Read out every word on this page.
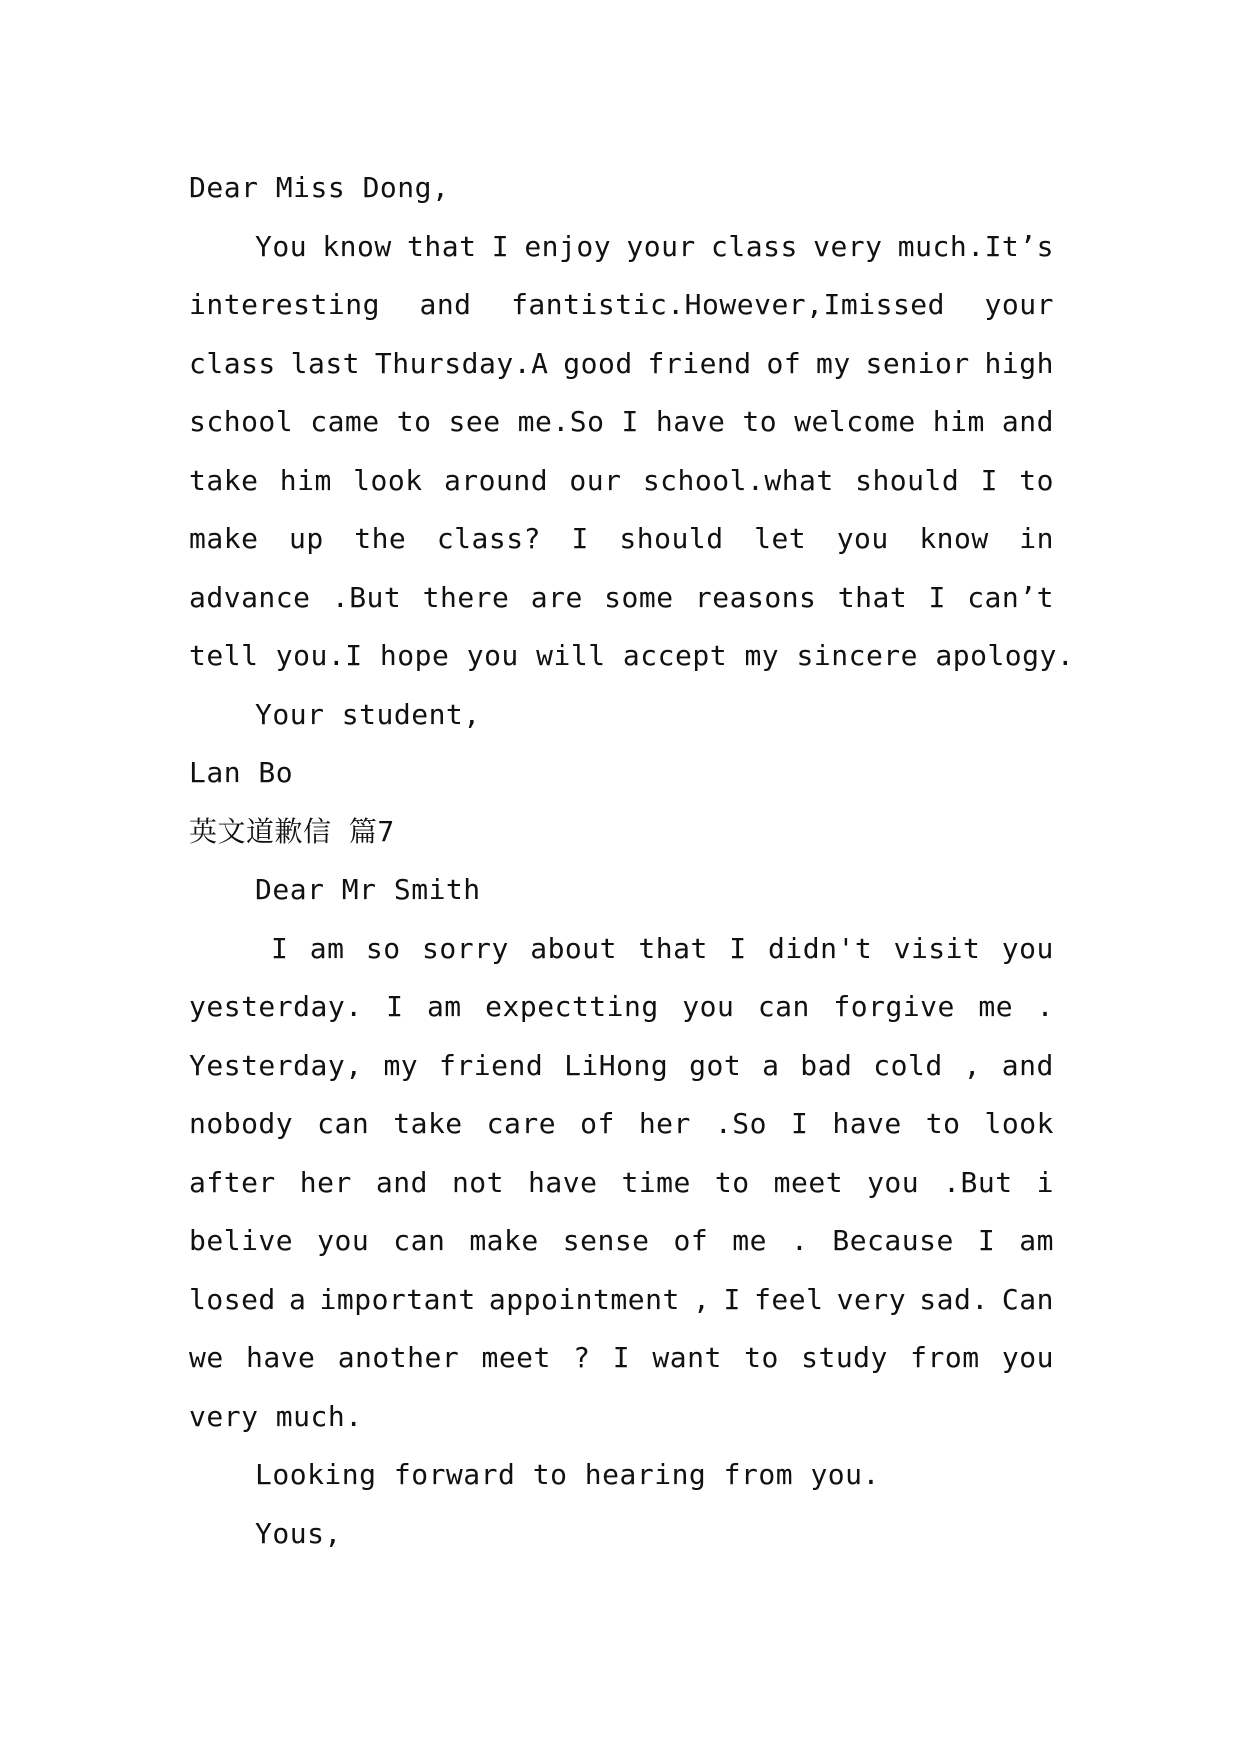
Dear Miss Dong,
You know that I enjoy your class very much.It’s
interesting and fantistic.However,Imissed your
class last Thursday.A good friend of my senior high
school came to see me.So I have to welcome him and
take him look around our school.what should I to
make up the class? I should let you know in
advance .But there are some reasons that I can’t
tell you.I hope you will accept my sincere apology.
Your student,
Lan Bo
英文道歉信 篇7
Dear Mr Smith
I am so sorry about that I didn't visit you
yesterday. I am expectting you can forgive me .
Yesterday, my friend LiHong got a bad cold , and
nobody can take care of her .So I have to look
after her and not have time to meet you .But i
belive you can make sense of me . Because I am
losed a important appointment , I feel very sad. Can
we have another meet ? I want to study from you
very much.
Looking forward to hearing from you.
Yous,
